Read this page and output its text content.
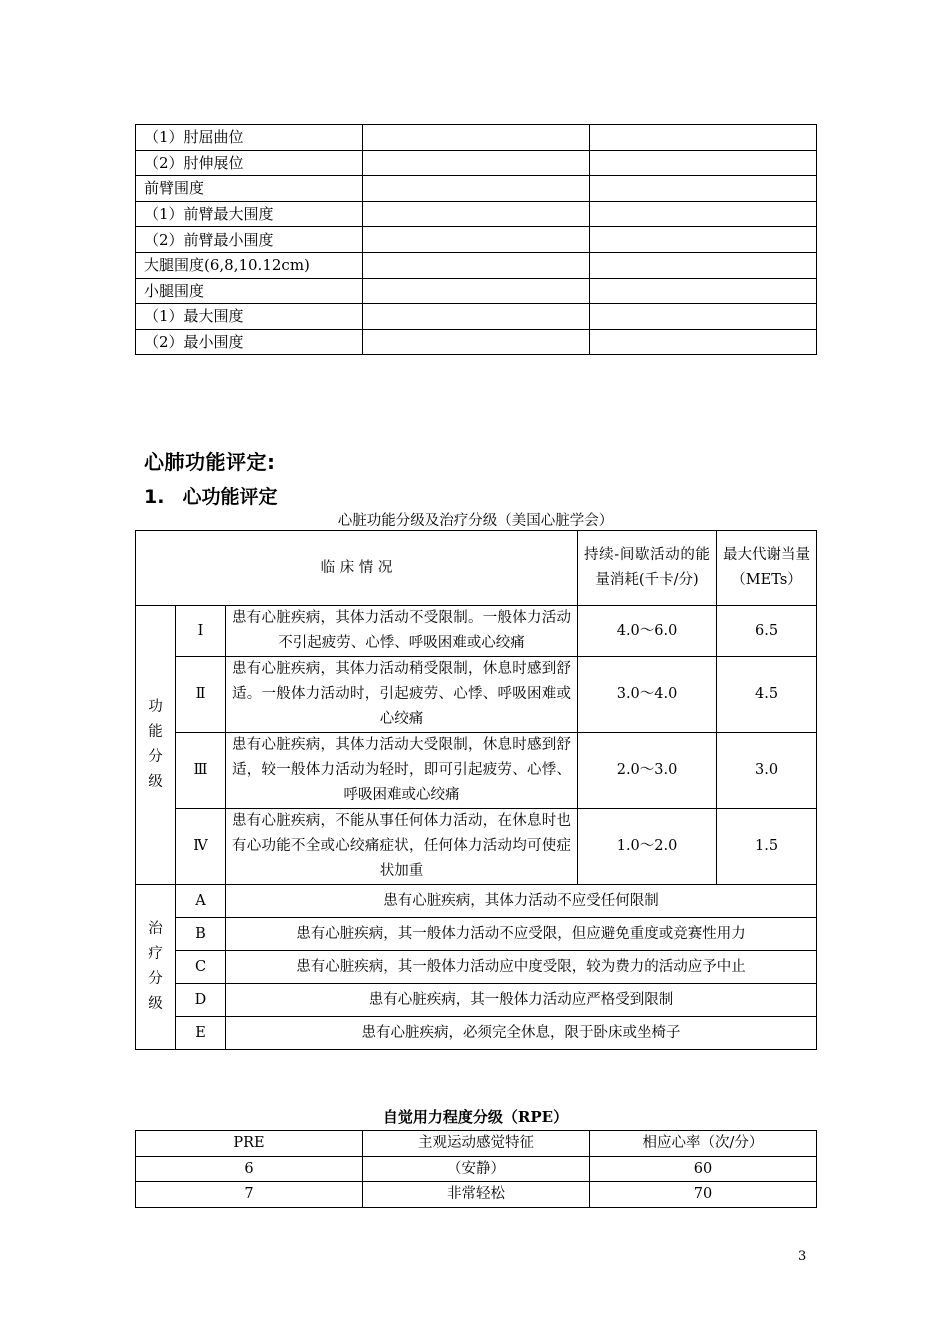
（1）肘屈曲位		
（2）肘伸展位		
前臂围度		
（1）前臂最大围度		
（2）前臂最小围度		
大腿围度(6,8,10.12cm)		
小腿围度		
（1）最大围度		
（2）最小围度		
心肺功能评定:
1. 心功能评定
心脏功能分级及治疗分级（美国心脏学会）
临 床 情 况			持续-间歇活动的能量消耗(千卡/分)	最大代谢当量（METs）

功
能
分
级	Ⅰ	患有心脏疾病，其体力活动不受限制。一般体力活动不引起疲劳、心悸、呼吸困难或心绞痛	4.0～6.0	6.5
	Ⅱ	患有心脏疾病，其体力活动稍受限制，休息时感到舒适。一般体力活动时，引起疲劳、心悸、呼吸困难或心绞痛	3.0～4.0	4.5
	Ⅲ	患有心脏疾病，其体力活动大受限制，休息时感到舒适，较一般体力活动为轻时，即可引起疲劳、心悸、呼吸困难或心绞痛	2.0～3.0	3.0
	Ⅳ	患有心脏疾病，不能从事任何体力活动，在休息时也有心功能不全或心绞痛症状，任何体力活动均可使症状加重	1.0～2.0	1.5

治
疗
分
级	A	患有心脏疾病，其体力活动不应受任何限制		
	B	患有心脏疾病，其一般体力活动不应受限，但应避免重度或竞赛性用力		
	C	患有心脏疾病，其一般体力活动应中度受限，较为费力的活动应予中止		
	D	患有心脏疾病，其一般体力活动应严格受到限制		
	E	患有心脏疾病，必须完全休息，限于卧床或坐椅子		
自觉用力程度分级（RPE）
PRE	主观运动感觉特征	相应心率（次/分）
6	（安静）	60
7	非常轻松	70
3
